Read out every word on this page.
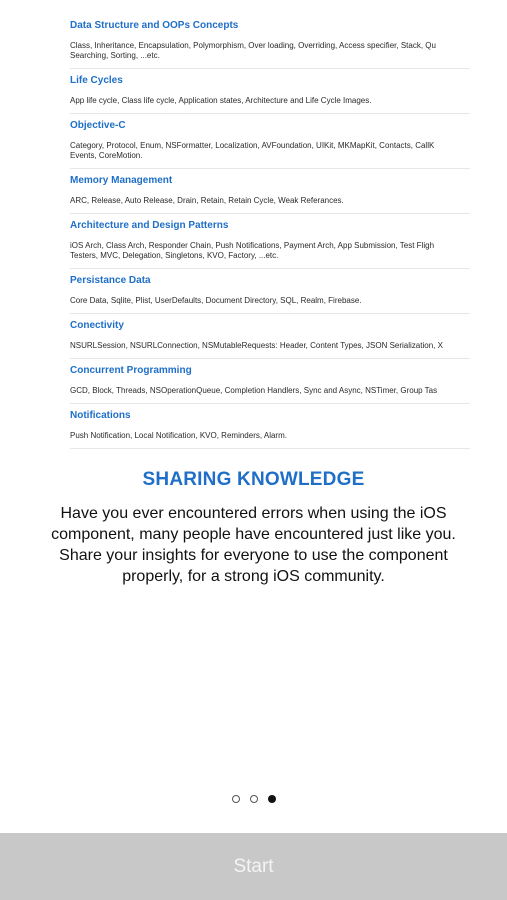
Data Structure and OOPs Concepts
Class, Inheritance, Encapsulation, Polymorphism, Over loading, Overriding, Access specifier, Stack, Qu
Searching, Sorting, ...etc.
Life Cycles
App life cycle, Class life cycle, Application states, Architecture and Life Cycle Images.
Objective-C
Category, Protocol, Enum, NSFormatter, Localization, AVFoundation, UIKit, MKMapKit, Contacts, CallK
Events, CoreMotion.
Memory Management
ARC, Release, Auto Release, Drain, Retain, Retain Cycle, Weak Referances.
Architecture and Design Patterns
iOS Arch, Class Arch, Responder Chain, Push Notifications, Payment Arch, App Submission, Test Fligh
Testers, MVC, Delegation, Singletons, KVO, Factory, ...etc.
Persistance Data
Core Data, Sqlite, Plist, UserDefaults, Document Directory, SQL, Realm, Firebase.
Conectivity
NSURLSession, NSURLConnection, NSMutableRequests: Header, Content Types, JSON Serialization, X
Concurrent Programming
GCD, Block, Threads, NSOperationQueue, Completion Handlers, Sync and Async, NSTimer, Group Tas
Notifications
Push Notification, Local Notification, KVO, Reminders, Alarm.
SHARING KNOWLEDGE
Have you ever encountered errors when using the iOS component, many people have encountered just like you. Share your insights for everyone to use the component properly, for a strong iOS community.
Start
